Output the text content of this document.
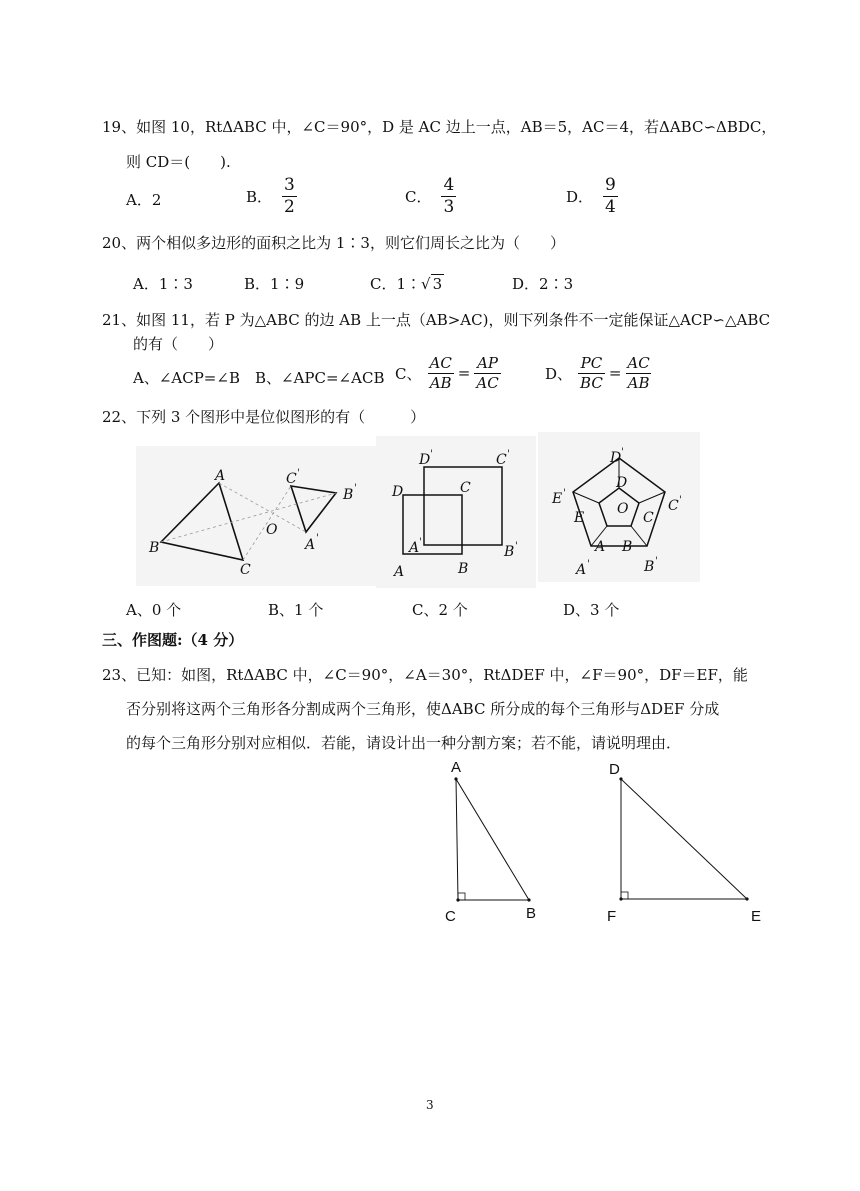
19、如图 10，RtΔABC 中，∠C＝90°，D 是 AC 边上一点，AB＝5，AC＝4，若ΔABC∽ΔBDC，
则 CD＝(　　).
A．2	B． $\frac{3}{2}$	C． $\frac{4}{3}$	D． $\frac{9}{4}$
20、两个相似多边形的面积之比为 1∶3，则它们周长之比为（　　）
A．1∶3	B．1∶9	C．1∶√ 3	D．2∶3
21、如图 11，若 P 为△ABC 的边 AB 上一点（AB>AC)，则下列条件不一定能保证△ACP∽△ABC
的有（　　）
A、∠ACP=∠B B、∠APC=∠ACB C、 $\frac{AC}{AB} = \frac{AP}{AC}$	D、 $\frac{PC}{BC} = \frac{AC}{AB}$
22、下列 3 个图形中是位似图形的有（　　　）
A
B
C
O
A '
B '
C '
D '	C '
D	C
A '
B '
A	B
D '
D
E '
C '
E
O
C
A B
A '	B '
A、0 个	B、1 个	C、2 个	D、3 个
三、作图题:（4 分）
23、已知：如图，RtΔABC 中，∠C＝90°，∠A＝30°，RtΔDEF 中，∠F＝90°，DF＝EF，能
否分别将这两个三角形各分割成两个三角形，使ΔABC 所分成的每个三角形与ΔDEF 分成
的每个三角形分别对应相似．若能，请设计出一种分割方案；若不能，请说明理由．
A
C	B
D
F	E
3
